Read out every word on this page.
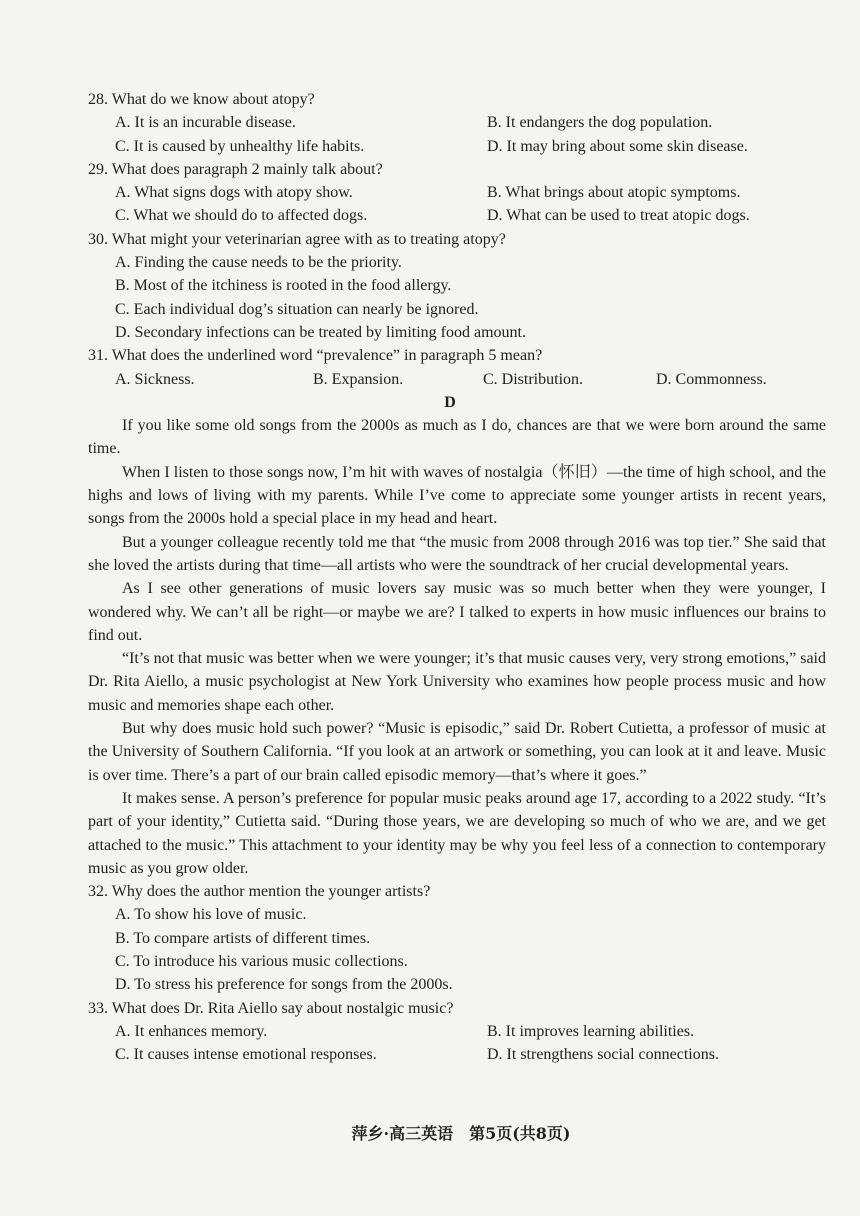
28. What do we know about atopy?
A. It is an incurable disease.	B. It endangers the dog population.
C. It is caused by unhealthy life habits.	D. It may bring about some skin disease.
29. What does paragraph 2 mainly talk about?
A. What signs dogs with atopy show.	B. What brings about atopic symptoms.
C. What we should do to affected dogs.	D. What can be used to treat atopic dogs.
30. What might your veterinarian agree with as to treating atopy?
A. Finding the cause needs to be the priority.
B. Most of the itchiness is rooted in the food allergy.
C. Each individual dog’s situation can nearly be ignored.
D. Secondary infections can be treated by limiting food amount.
31. What does the underlined word “prevalence” in paragraph 5 mean?
A. Sickness.	B. Expansion.	C. Distribution.	D. Commonness.
D

If you like some old songs from the 2000s as much as I do, chances are that we were born around the same time.

When I listen to those songs now, I’m hit with waves of nostalgia（怀旧）—the time of high school, and the highs and lows of living with my parents. While I’ve come to appreciate some younger artists in recent years, songs from the 2000s hold a special place in my head and heart.

But a younger colleague recently told me that “the music from 2008 through 2016 was top tier.” She said that she loved the artists during that time—all artists who were the soundtrack of her crucial developmental years.

As I see other generations of music lovers say music was so much better when they were younger, I wondered why. We can’t all be right—or maybe we are? I talked to experts in how music influences our brains to find out.

“It’s not that music was better when we were younger; it’s that music causes very, very strong emotions,” said Dr. Rita Aiello, a music psychologist at New York University who examines how people process music and how music and memories shape each other.

But why does music hold such power? “Music is episodic,” said Dr. Robert Cutietta, a professor of music at the University of Southern California. “If you look at an artwork or something, you can look at it and leave. Music is over time. There’s a part of our brain called episodic memory—that’s where it goes.”

It makes sense. A person’s preference for popular music peaks around age 17, according to a 2022 study. “It’s part of your identity,” Cutietta said. “During those years, we are developing so much of who we are, and we get attached to the music.” This attachment to your identity may be why you feel less of a connection to contemporary music as you grow older.

32. Why does the author mention the younger artists?
A. To show his love of music.
B. To compare artists of different times.
C. To introduce his various music collections.
D. To stress his preference for songs from the 2000s.
33. What does Dr. Rita Aiello say about nostalgic music?
A. It enhances memory.	B. It improves learning abilities.
C. It causes intense emotional responses.	D. It strengthens social connections.
萍乡·高三英语　第5页(共8页)
